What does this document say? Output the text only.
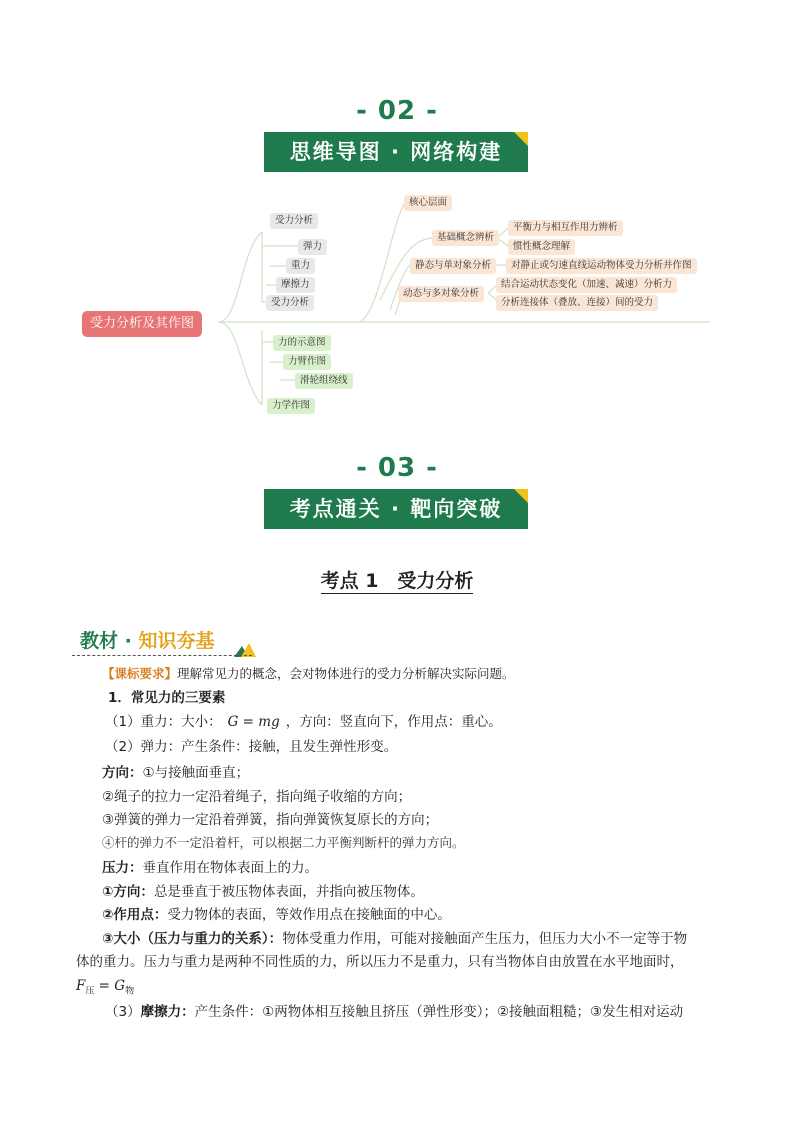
- 02 -
思维导图 · 网络构建
受力分析及其作图
受力分析
弹力
重力
摩擦力
受力分析
力的示意图
力臂作图
滑轮组绕线
力学作图
核心层面
基础概念辨析
平衡力与相互作用力辨析
惯性概念理解
静态与单对象分析	对静止或匀速直线运动物体受力分析并作图
动态与多对象分析
结合运动状态变化（加速、减速）分析力
分析连接体（叠放、连接）间的受力
- 03 -
考点通关 · 靶向突破
考点 1　受力分析
教材 · 知识夯基
【课标要求】理解常见力的概念，会对物体进行的受力分析解决实际问题。
1．常见力的三要素
（1）重力：大小： G = mg ，方向：竖直向下，作用点：重心。
（2）弹力：产生条件：接触，且发生弹性形变。
方向：①与接触面垂直；
②绳子的拉力一定沿着绳子，指向绳子收缩的方向；
③弹簧的弹力一定沿着弹簧，指向弹簧恢复原长的方向；
④杆的弹力不一定沿着杆，可以根据二力平衡判断杆的弹力方向。
压力：垂直作用在物体表面上的力。
①方向：总是垂直于被压物体表面，并指向被压物体。
②作用点：受力物体的表面，等效作用点在接触面的中心。
③大小（压力与重力的关系）：物体受重力作用，可能对接触面产生压力，但压力大小不一定等于物
体的重力。压力与重力是两种不同性质的力，所以压力不是重力，只有当物体自由放置在水平地面时，
$F_压 = G_物$
（3）摩擦力：产生条件：①两物体相互接触且挤压（弹性形变）；②接触面粗糙；③发生相对运动
